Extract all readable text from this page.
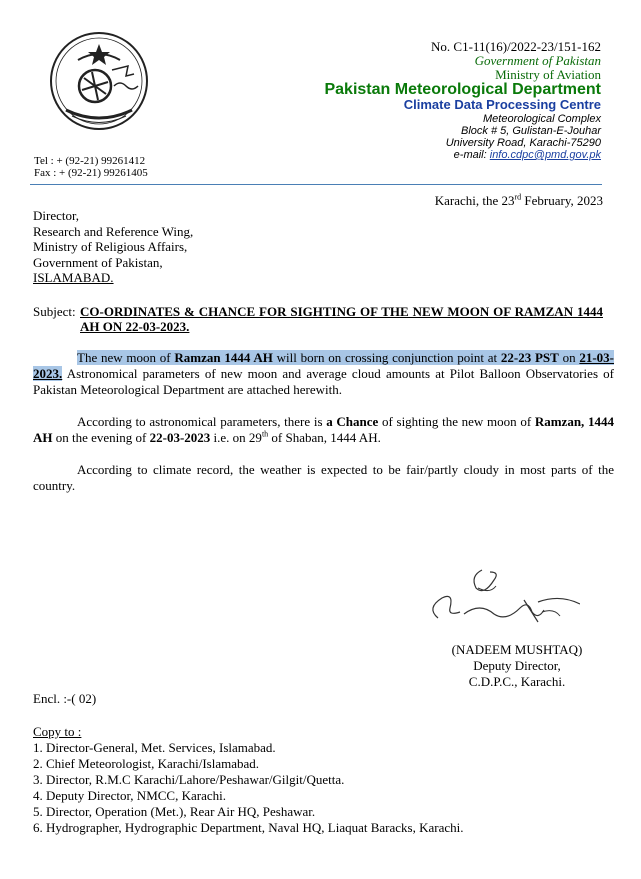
No. C1-11(16)/2022-23/151-162
Government of Pakistan
Ministry of Aviation
Pakistan Meteorological Department
Climate Data Processing Centre
Meteorological Complex
Block # 5, Gulistan-E-Jouhar
University Road, Karachi-75290
e-mail: info.cdpc@pmd.gov.pk
Tel : + (92-21) 99261412
Fax : + (92-21) 99261405
Karachi, the 23rd February, 2023
Director,
Research and Reference Wing,
Ministry of Religious Affairs,
Government of Pakistan,
ISLAMABAD.
Subject: CO-ORDINATES & CHANCE FOR SIGHTING OF THE NEW MOON OF RAMZAN 1444 AH ON 22-03-2023.
The new moon of Ramzan 1444 AH will born on crossing conjunction point at 22-23 PST on 21-03-2023. Astronomical parameters of new moon and average cloud amounts at Pilot Balloon Observatories of Pakistan Meteorological Department are attached herewith.
According to astronomical parameters, there is a Chance of sighting the new moon of Ramzan, 1444 AH on the evening of 22-03-2023 i.e. on 29th of Shaban, 1444 AH.
According to climate record, the weather is expected to be fair/partly cloudy in most parts of the country.
(NADEEM MUSHTAQ)
Deputy Director,
C.D.P.C., Karachi.
Encl. :-( 02)
Copy to :
1. Director-General, Met. Services, Islamabad.
2. Chief Meteorologist, Karachi/Islamabad.
3. Director, R.M.C Karachi/Lahore/Peshawar/Gilgit/Quetta.
4. Deputy Director, NMCC, Karachi.
5. Director, Operation (Met.), Rear Air HQ, Peshawar.
6. Hydrographer, Hydrographic Department, Naval HQ, Liaquat Baracks, Karachi.
